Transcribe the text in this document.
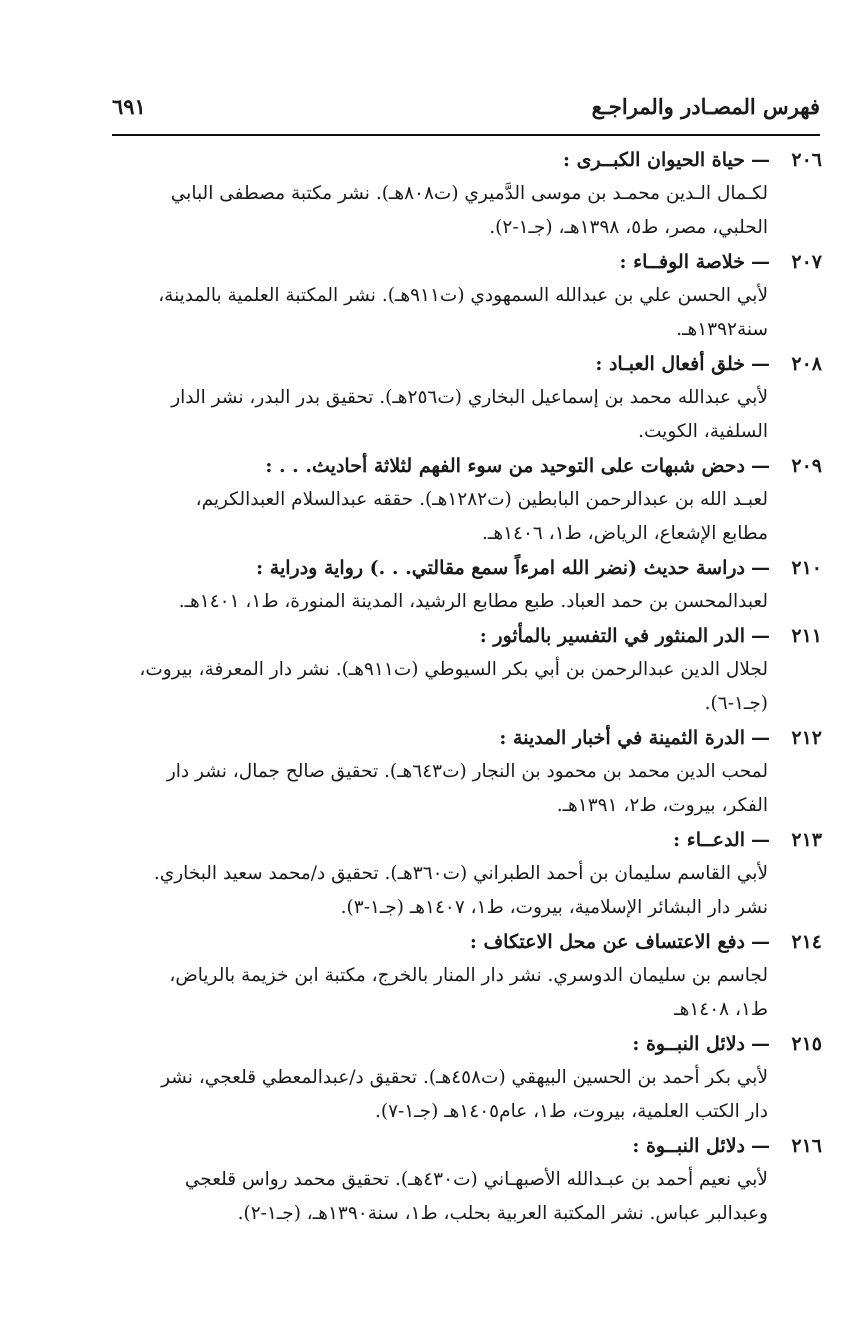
فهرس المصـادر والمراجـع
٦٩١
٢٠٦—حياة الحيوان الكبــرى :
لكـمال الـدين محمـد بن موسى الدَّميري (ت٨٠٨هـ). نشر مكتبة مصطفى البابي
الحلبي، مصر، ط٥، ١٣٩٨هـ، (جـ١-٢).
٢٠٧—خلاصة الوفــاء :
لأبي الحسن علي بن عبدالله السمهودي (ت٩١١هـ). نشر المكتبة العلمية بالمدينة،
سنة١٣٩٢هـ.
٢٠٨—خلق أفعال العبـاد :
لأبي عبدالله محمد بن إسماعيل البخاري (ت٢٥٦هـ). تحقيق بدر البدر، نشر الدار
السلفية، الكويت.
٢٠٩—دحض شبهات على التوحيد من سوء الفهم لثلاثة أحاديث. . . :
لعبـد الله بن عبدالرحمن البابطين (ت١٢٨٢هـ). حققه عبدالسلام العبدالكريم،
مطابع الإشعاع، الرياض، ط١، ١٤٠٦هـ.
٢١٠—دراسة حديث (نضر الله امرءاً سمع مقالتي. . .) رواية ودراية :
لعبدالمحسن بن حمد العباد. طبع مطابع الرشيد، المدينة المنورة، ط١، ١٤٠١هـ.
٢١١—الدر المنثور في التفسير بالمأثور :
لجلال الدين عبدالرحمن بن أبي بكر السيوطي (ت٩١١هـ). نشر دار المعرفة، بيروت،
(جـ١-٦).
٢١٢—الدرة الثمينة في أخبار المدينة :
لمحب الدين محمد بن محمود بن النجار (ت٦٤٣هـ). تحقيق صالح جمال، نشر دار
الفكر، بيروت، ط٢، ١٣٩١هـ.
٢١٣—الدعــاء :
لأبي القاسم سليمان بن أحمد الطبراني (ت٣٦٠هـ). تحقيق د/محمد سعيد البخاري.
نشر دار البشائر الإسلامية، بيروت، ط١، ١٤٠٧هـ (جـ١-٣).
٢١٤—دفع الاعتساف عن محل الاعتكاف :
لجاسم بن سليمان الدوسري. نشر دار المنار بالخرج، مكتبة ابن خزيمة بالرياض،
ط١، ١٤٠٨هـ
٢١٥—دلائل النبــوة :
لأبي بكر أحمد بن الحسين البيهقي (ت٤٥٨هـ). تحقيق د/عبدالمعطي قلعجي، نشر
دار الكتب العلمية، بيروت، ط١، عام١٤٠٥هـ (جـ١-٧).
٢١٦—دلائل النبــوة :
لأبي نعيم أحمد بن عبـدالله الأصبهـاني (ت٤٣٠هـ). تحقيق محمد رواس قلعجي
وعبدالبر عباس. نشر المكتبة العربية بحلب، ط١، سنة١٣٩٠هـ، (جـ١-٢).
